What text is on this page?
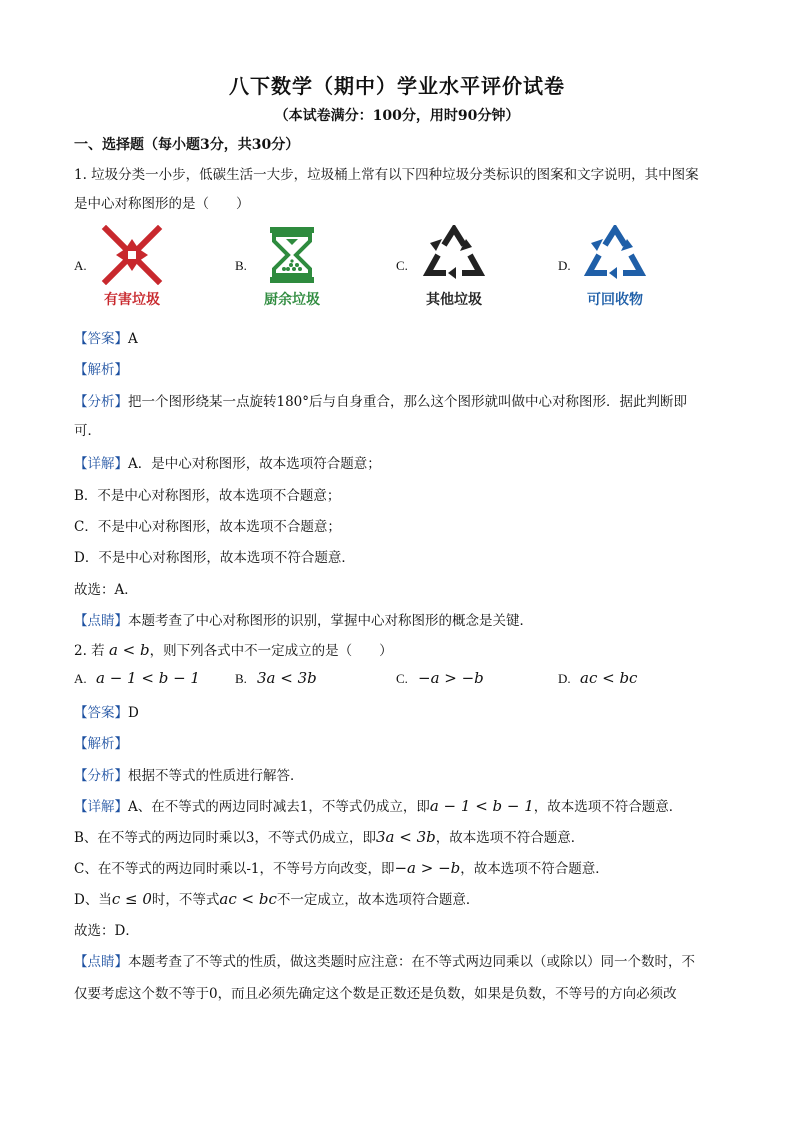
八下数学（期中）学业水平评价试卷
（本试卷满分：100分，用时90分钟）
一、选择题（每小题3分，共30分）
1. 垃圾分类一小步，低碳生活一大步，垃圾桶上常有以下四种垃圾分类标识的图案和文字说明，其中图案
是中心对称图形的是（　　）
A.
有害垃圾
B.
厨余垃圾
C.
其他垃圾
D.
可回收物
【答案】A
【解析】
【分析】把一个图形绕某一点旋转180°后与自身重合，那么这个图形就叫做中心对称图形．据此判断即
可．
【详解】A．是中心对称图形，故本选项符合题意；
B．不是中心对称图形，故本选项不合题意；
C．不是中心对称图形，故本选项不合题意；
D．不是中心对称图形，故本选项不符合题意．
故选：A．
【点睛】本题考查了中心对称图形的识别，掌握中心对称图形的概念是关键．
2. 若 a < b，则下列各式中不一定成立的是（　　）
A. a − 1 < b − 1	B. 3a < 3b	C. −a > −b	D. ac < bc
【答案】D
【解析】
【分析】根据不等式的性质进行解答．
【详解】A、在不等式的两边同时减去1，不等式仍成立，即a − 1 < b − 1，故本选项不符合题意．
B、在不等式的两边同时乘以3，不等式仍成立，即3a < 3b，故本选项不符合题意．
C、在不等式的两边同时乘以-1，不等号方向改变，即−a > −b，故本选项不符合题意．
D、当c ≤ 0时，不等式ac < bc不一定成立，故本选项符合题意．
故选：D．
【点睛】本题考查了不等式的性质，做这类题时应注意：在不等式两边同乘以（或除以）同一个数时，不
仅要考虑这个数不等于0，而且必须先确定这个数是正数还是负数，如果是负数，不等号的方向必须改
